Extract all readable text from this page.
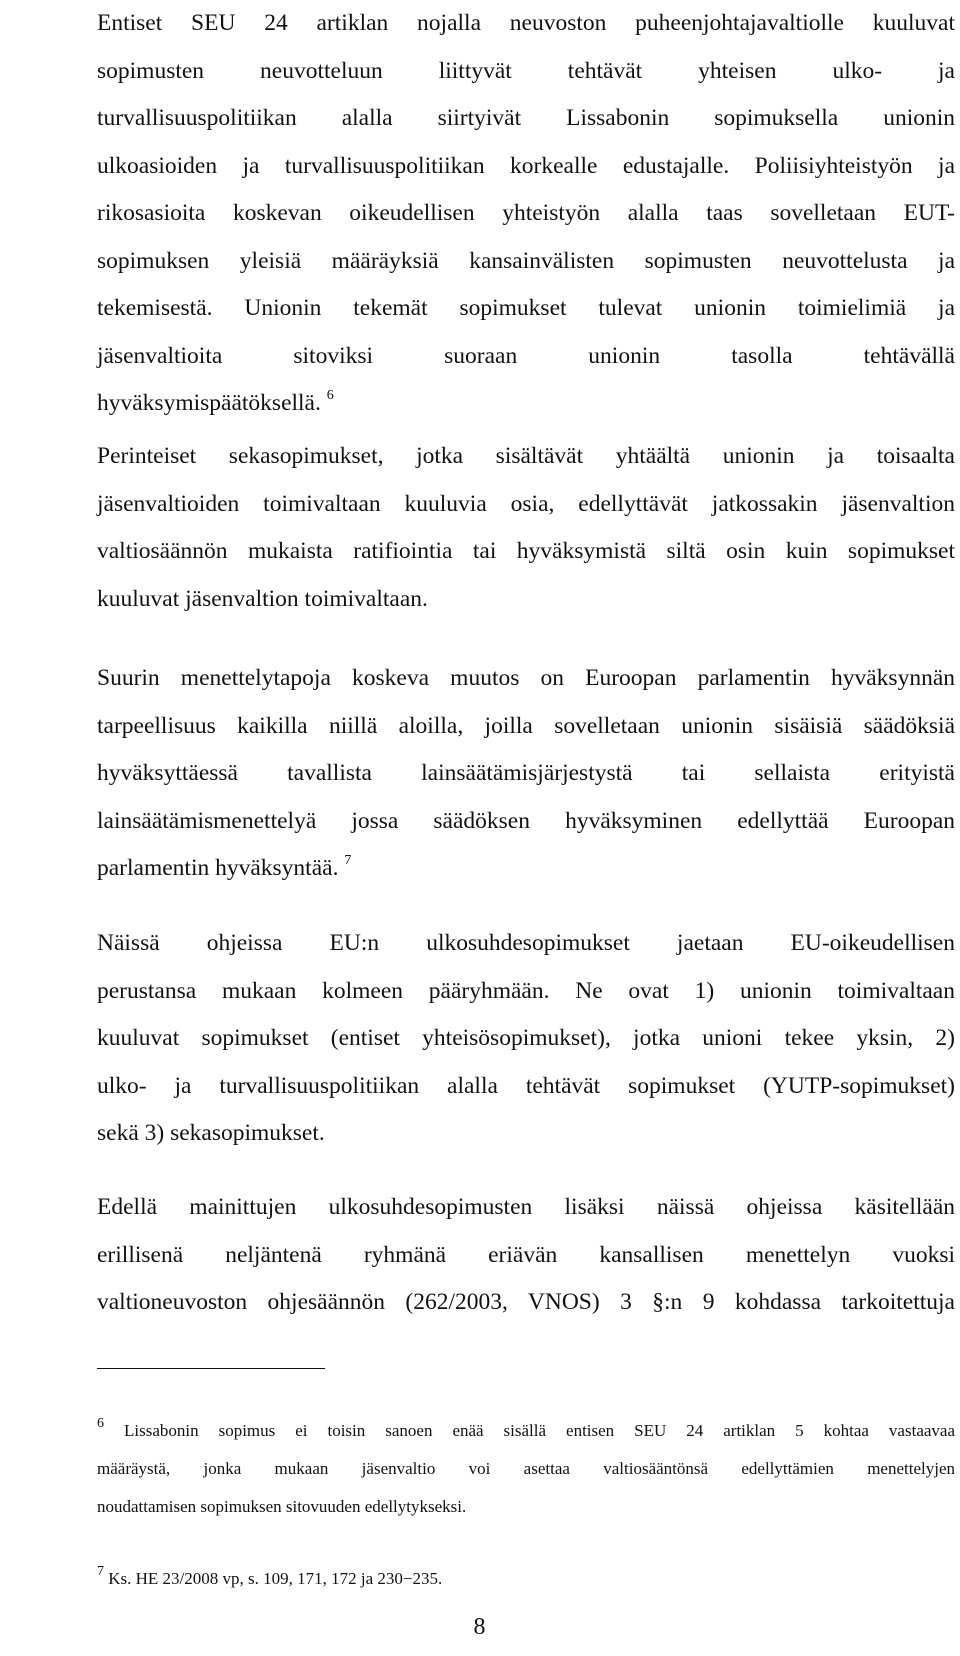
Entiset SEU 24 artiklan nojalla neuvoston puheenjohtajavaltiolle kuuluvat
sopimusten neuvotteluun liittyvät tehtävät yhteisen ulko- ja
turvallisuuspolitiikan alalla siirtyivät Lissabonin sopimuksella unionin
ulkoasioiden ja turvallisuuspolitiikan korkealle edustajalle. Poliisiyhteistyön ja
rikosasioita koskevan oikeudellisen yhteistyön alalla taas sovelletaan EUT-
sopimuksen yleisiä määräyksiä kansainvälisten sopimusten neuvottelusta ja
tekemisestä. Unionin tekemät sopimukset tulevat unionin toimielimiä ja
jäsenvaltioita sitoviksi suoraan unionin tasolla tehtävällä
hyväksymispäätöksellä. $^6$

Perinteiset sekasopimukset, jotka sisältävät yhtäältä unionin ja toisaalta
jäsenvaltioiden toimivaltaan kuuluvia osia, edellyttävät jatkossakin jäsenvaltion
valtiosäännön mukaista ratifiointia tai hyväksymistä siltä osin kuin sopimukset
kuuluvat jäsenvaltion toimivaltaan.

Suurin menettelytapoja koskeva muutos on Euroopan parlamentin hyväksynnän
tarpeellisuus kaikilla niillä aloilla, joilla sovelletaan unionin sisäisiä säädöksiä
hyväksyttäessä tavallista lainsäätämisjärjestystä tai sellaista erityistä
lainsäätämismenettelyä jossa säädöksen hyväksyminen edellyttää Euroopan
parlamentin hyväksyntää. $^7$

Näissä ohjeissa EU:n ulkosuhdesopimukset jaetaan EU-oikeudellisen
perustansa mukaan kolmeen pääryhmään. Ne ovat 1) unionin toimivaltaan
kuuluvat sopimukset (entiset yhteisösopimukset), jotka unioni tekee yksin, 2)
ulko- ja turvallisuuspolitiikan alalla tehtävät sopimukset (YUTP-sopimukset)
sekä 3) sekasopimukset.

Edellä mainittujen ulkosuhdesopimusten lisäksi näissä ohjeissa käsitellään
erillisenä neljäntenä ryhmänä eriävän kansallisen menettelyn vuoksi
valtioneuvoston ohjesäännön (262/2003, VNOS) 3 §:n 9 kohdassa tarkoitettuja

$^6$ Lissabonin sopimus ei toisin sanoen enää sisällä entisen SEU 24 artiklan 5 kohtaa vastaavaa
määräystä, jonka mukaan jäsenvaltio voi asettaa valtiosääntönsä edellyttämien menettelyjen
noudattamisen sopimuksen sitovuuden edellytykseksi.

$^7$ Ks. HE 23/2008 vp, s. 109, 171, 172 ja 230−235.

8
